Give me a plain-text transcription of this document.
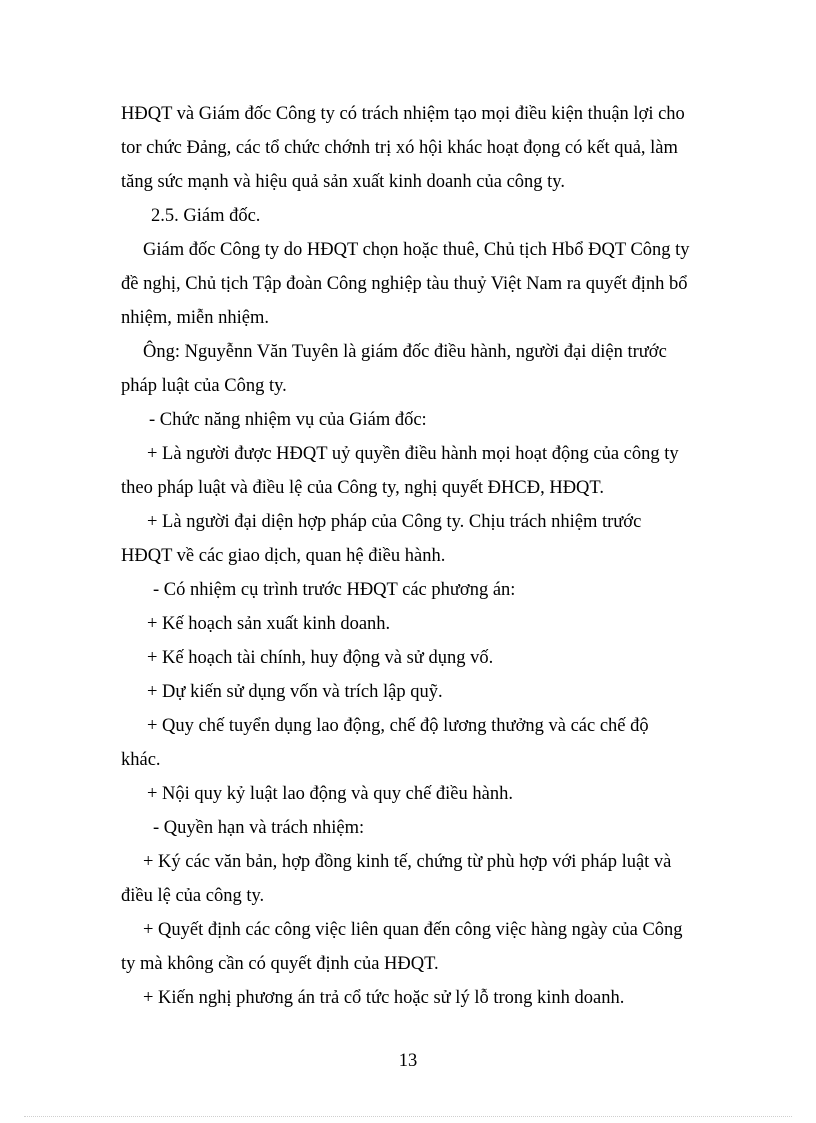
HĐQT và Giám đốc Công ty có trách nhiệm tạo mọi điều kiện thuận lợi cho
tor chức Đảng, các tổ chức chớnh trị xó hội khác hoạt đọng có kết quả, làm
tăng sức mạnh và hiệu quả sản xuất kinh doanh của công ty.
2.5. Giám đốc.
Giám đốc Công ty do HĐQT chọn hoặc thuê, Chủ tịch Hbổ ĐQT Công ty
đề nghị, Chủ tịch Tập đoàn Công nghiệp tàu thuỷ Việt Nam ra quyết định bổ
nhiệm, miễn nhiệm.
Ông: Nguyễnn Văn Tuyên là giám đốc điều hành, người đại diện trước
pháp luật của Công ty.
- Chức năng nhiệm vụ của Giám đốc:
+ Là người được HĐQT uỷ quyền điều hành mọi hoạt động của công ty
theo pháp luật và điều lệ của Công ty, nghị quyết ĐHCĐ, HĐQT.
+ Là người đại diện hợp pháp của Công ty. Chịu trách nhiệm trước
HĐQT về các giao dịch, quan hệ điều hành.
- Có nhiệm cụ trình trước HĐQT các phương án:
+ Kế hoạch sản xuất kinh doanh.
+ Kế hoạch tài chính, huy động và sử dụng vố.
+ Dự kiến sử dụng vốn và trích lập quỹ.
+ Quy chế tuyển dụng lao động, chế độ lương thưởng và các chế độ
khác.
+ Nội quy kỷ luật lao động và quy chế điều hành.
- Quyền hạn và trách nhiệm:
+ Ký các văn bản, hợp đồng kinh tế, chứng từ phù hợp với pháp luật và
điều lệ của công ty.
+ Quyết định các công việc liên quan đến công việc hàng ngày của Công
ty mà không cần có quyết định của HĐQT.
+ Kiến nghị phương án trả cổ tức hoặc sử lý lỗ trong kinh doanh.
13
